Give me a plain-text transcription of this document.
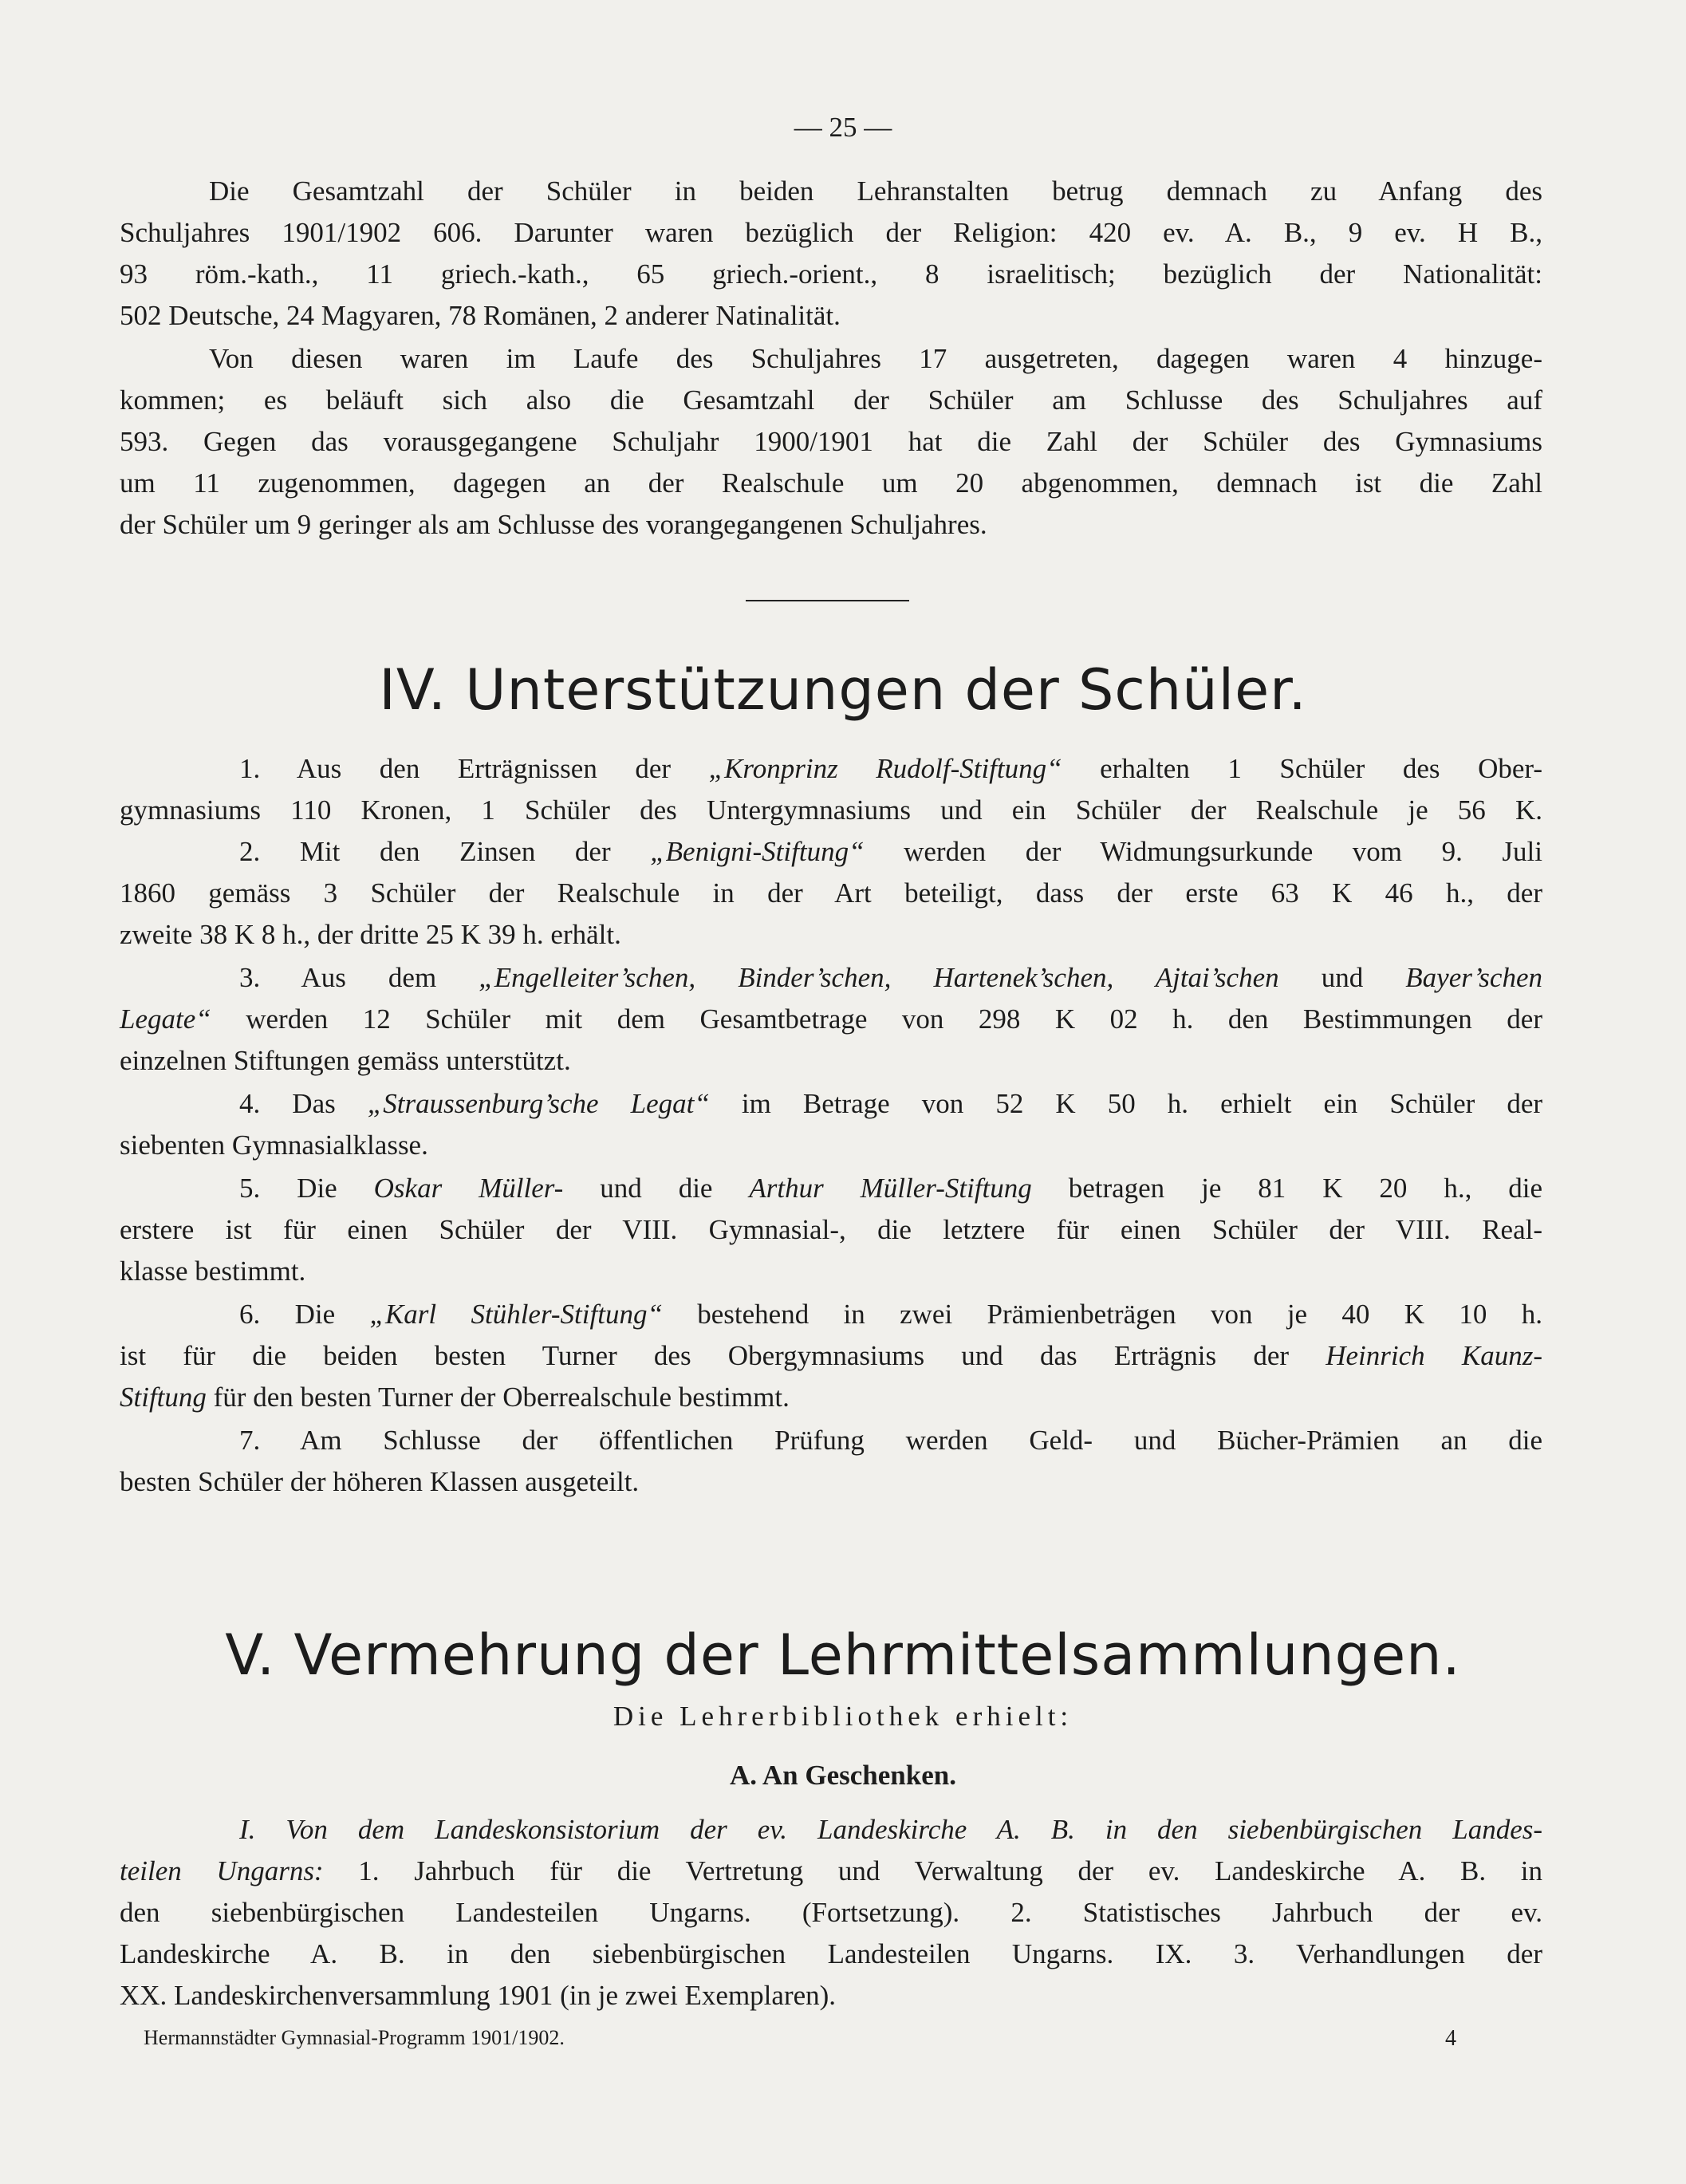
— 25 —
Die Gesamtzahl der Schüler in beiden Lehranstalten betrug demnach zu Anfang des
Schuljahres 1901/1902 606. Darunter waren bezüglich der Religion: 420 ev. A. B., 9 ev. H B.,
93 röm.-kath., 11 griech.-kath., 65 griech.-orient., 8 israelitisch; bezüglich der Nationalität:
502 Deutsche, 24 Magyaren, 78 Romänen, 2 anderer Natinalität.
Von diesen waren im Laufe des Schuljahres 17 ausgetreten, dagegen waren 4 hinzuge-
kommen; es beläuft sich also die Gesamtzahl der Schüler am Schlusse des Schuljahres auf
593. Gegen das vorausgegangene Schuljahr 1900/1901 hat die Zahl der Schüler des Gymnasiums
um 11 zugenommen, dagegen an der Realschule um 20 abgenommen, demnach ist die Zahl
der Schüler um 9 geringer als am Schlusse des vorangegangenen Schuljahres.
IV. Unterstützungen der Schüler.
1. Aus den Erträgnissen der „Kronprinz Rudolf-Stiftung“ erhalten 1 Schüler des Ober-
gymnasiums 110 Kronen, 1 Schüler des Untergymnasiums und ein Schüler der Realschule je 56 K.
2. Mit den Zinsen der „Benigni-Stiftung“ werden der Widmungsurkunde vom 9. Juli
1860 gemäss 3 Schüler der Realschule in der Art beteiligt, dass der erste 63 K 46 h., der
zweite 38 K 8 h., der dritte 25 K 39 h. erhält.
3. Aus dem „Engelleiter’schen, Binder’schen, Hartenek’schen, Ajtai’schen und Bayer’schen
Legate“ werden 12 Schüler mit dem Gesamtbetrage von 298 K 02 h. den Bestimmungen der
einzelnen Stiftungen gemäss unterstützt.
4. Das „Straussenburg’sche Legat“ im Betrage von 52 K 50 h. erhielt ein Schüler der
siebenten Gymnasialklasse.
5. Die Oskar Müller- und die Arthur Müller-Stiftung betragen je 81 K 20 h., die
erstere ist für einen Schüler der VIII. Gymnasial-, die letztere für einen Schüler der VIII. Real-
klasse bestimmt.
6. Die „Karl Stühler-Stiftung“ bestehend in zwei Prämienbeträgen von je 40 K 10 h.
ist für die beiden besten Turner des Obergymnasiums und das Erträgnis der Heinrich Kaunz-
Stiftung für den besten Turner der Oberrealschule bestimmt.
7. Am Schlusse der öffentlichen Prüfung werden Geld- und Bücher-Prämien an die
besten Schüler der höheren Klassen ausgeteilt.
V. Vermehrung der Lehrmittelsammlungen.
Die Lehrerbibliothek erhielt:
A. An Geschenken.
I. Von dem Landeskonsistorium der ev. Landeskirche A. B. in den siebenbürgischen Landes-
teilen Ungarns: 1. Jahrbuch für die Vertretung und Verwaltung der ev. Landeskirche A. B. in
den siebenbürgischen Landesteilen Ungarns. (Fortsetzung). 2. Statistisches Jahrbuch der ev.
Landeskirche A. B. in den siebenbürgischen Landesteilen Ungarns. IX. 3. Verhandlungen der
XX. Landeskirchenversammlung 1901 (in je zwei Exemplaren).
Hermannstädter Gymnasial-Programm 1901/1902.	4
